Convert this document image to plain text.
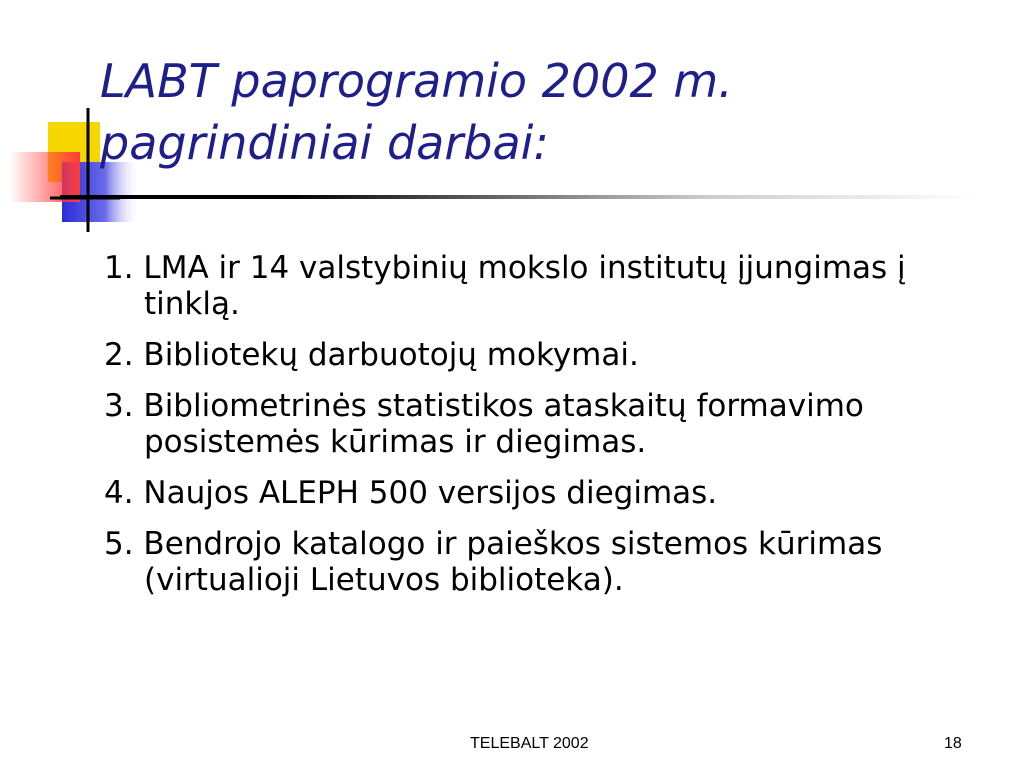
LABT paprogramio 2002 m. pagrindiniai darbai:
1. LMA ir 14 valstybinių mokslo institutų įjungimas į tinklą.
2. Bibliotekų darbuotojų mokymai.
3. Bibliometrinės statistikos ataskaitų formavimo posistemės kūrimas ir diegimas.
4. Naujos ALEPH 500 versijos diegimas.
5. Bendrojo katalogo ir paieškos sistemos kūrimas (virtualioji Lietuvos biblioteka).
TELEBALT 2002	18
